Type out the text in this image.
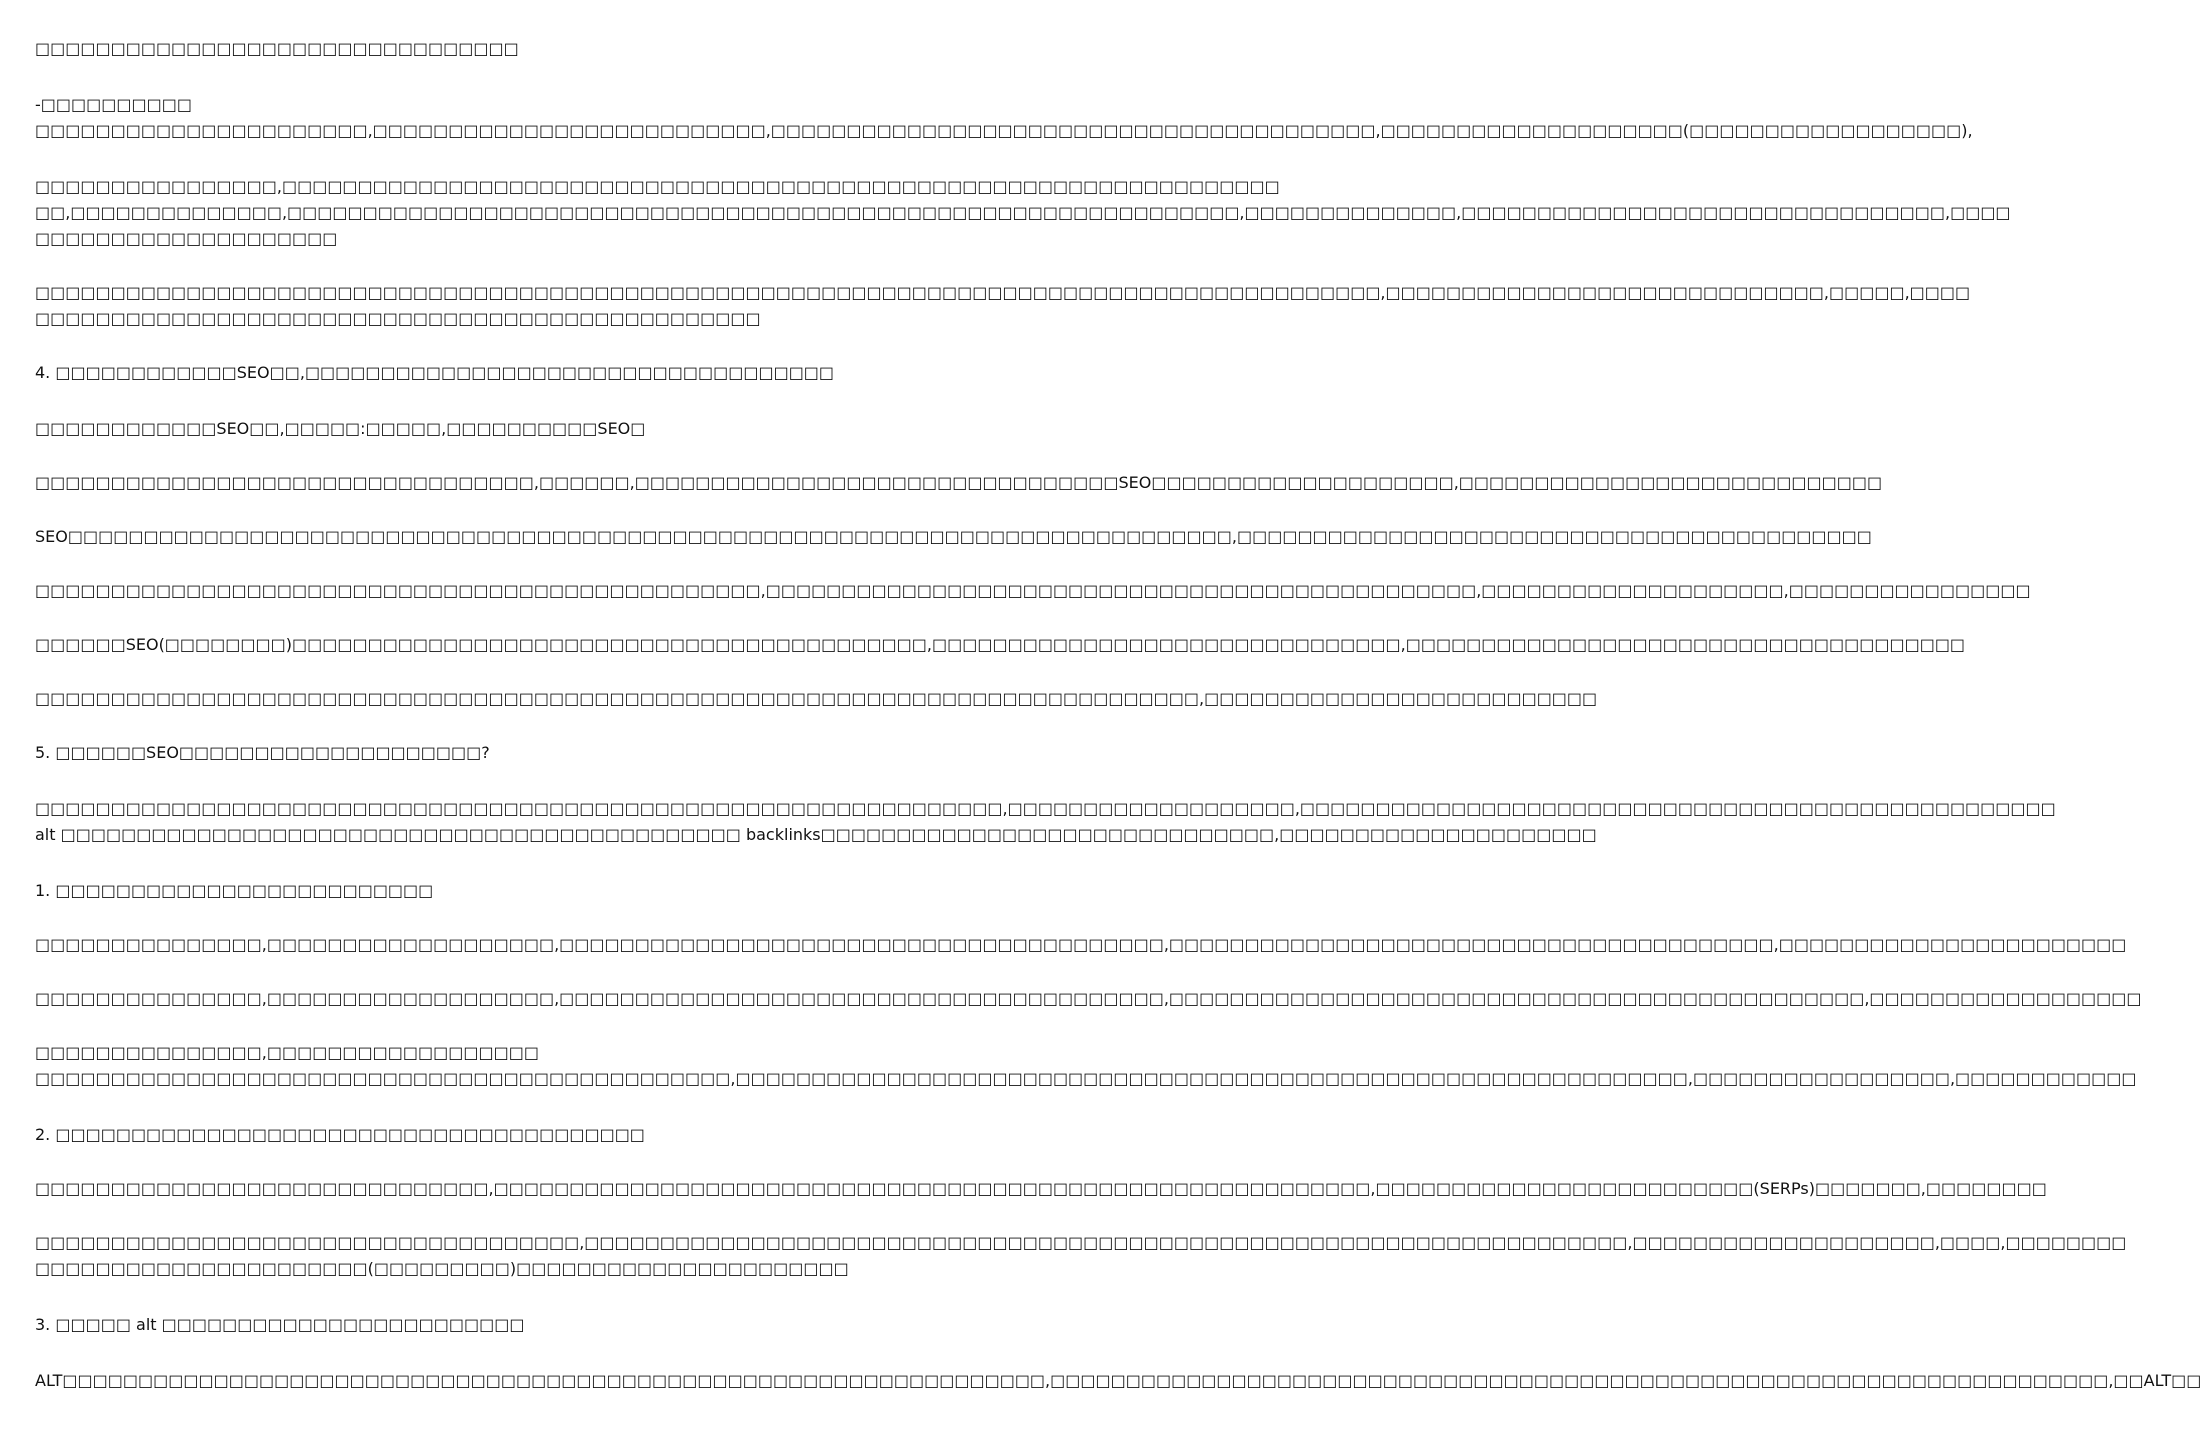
□□□□□□□□□□□□□□□□□□□□□□□□□□□□□□□□
-□□□□□□□□□□
□□□□□□□□□□□□□□□□□□□□□□,□□□□□□□□□□□□□□□□□□□□□□□□□□,□□□□□□□□□□□□□□□□□□□□□□□□□□□□□□□□□□□□□□□□,□□□□□□□□□□□□□□□□□□□□(□□□□□□□□□□□□□□□□□□),
□□□□□□□□□□□□□□□□,□□□□□□□□□□□□□□□□□□□□□□□□□□□□□□□□□□□□□□□□□□□□□□□□□□□□□□□□□□□□□□□□□□
□□,□□□□□□□□□□□□□□,□□□□□□□□□□□□□□□□□□□□□□□□□□□□□□□□□□□□□□□□□□□□□□□□□□□□□□□□□□□□□□□,□□□□□□□□□□□□□□,□□□□□□□□□□□□□□□□□□□□□□□□□□□□□□□□,□□□□
□□□□□□□□□□□□□□□□□□□□
□□□□□□□□□□□□□□□□□□□□□□□□□□□□□□□□□□□□□□□□□□□□□□□□□□□□□□□□□□□□□□□□□□□□□□□□□□□□□□□□□□□□□□□□□,□□□□□□□□□□□□□□□□□□□□□□□□□□□□□,□□□□□,□□□□
□□□□□□□□□□□□□□□□□□□□□□□□□□□□□□□□□□□□□□□□□□□□□□□□
4. □□□□□□□□□□□□SEO□□,□□□□□□□□□□□□□□□□□□□□□□□□□□□□□□□□□□□
□□□□□□□□□□□□SEO□□,□□□□□:□□□□□,□□□□□□□□□□SEO□
□□□□□□□□□□□□□□□□□□□□□□□□□□□□□□□□□,□□□□□□,□□□□□□□□□□□□□□□□□□□□□□□□□□□□□□□□SEO□□□□□□□□□□□□□□□□□□□□,□□□□□□□□□□□□□□□□□□□□□□□□□□□□
SEO□□□□□□□□□□□□□□□□□□□□□□□□□□□□□□□□□□□□□□□□□□□□□□□□□□□□□□□□□□□□□□□□□□□□□□□□□□□□□,□□□□□□□□□□□□□□□□□□□□□□□□□□□□□□□□□□□□□□□□□□
□□□□□□□□□□□□□□□□□□□□□□□□□□□□□□□□□□□□□□□□□□□□□□□□,□□□□□□□□□□□□□□□□□□□□□□□□□□□□□□□□□□□□□□□□□□□□□□□,□□□□□□□□□□□□□□□□□□□□,□□□□□□□□□□□□□□□□
□□□□□□SEO(□□□□□□□□)□□□□□□□□□□□□□□□□□□□□□□□□□□□□□□□□□□□□□□□□□□,□□□□□□□□□□□□□□□□□□□□□□□□□□□□□□□,□□□□□□□□□□□□□□□□□□□□□□□□□□□□□□□□□□□□□
□□□□□□□□□□□□□□□□□□□□□□□□□□□□□□□□□□□□□□□□□□□□□□□□□□□□□□□□□□□□□□□□□□□□□□□□□□□□□,□□□□□□□□□□□□□□□□□□□□□□□□□□
5. □□□□□□SEO□□□□□□□□□□□□□□□□□□□□?
□□□□□□□□□□□□□□□□□□□□□□□□□□□□□□□□□□□□□□□□□□□□□□□□□□□□□□□□□□□□□□□□,□□□□□□□□□□□□□□□□□□□,□□□□□□□□□□□□□□□□□□□□□□□□□□□□□□□□□□□□□□□□□□□□□□□□□□
alt □□□□□□□□□□□□□□□□□□□□□□□□□□□□□□□□□□□□□□□□□□□□□ backlinks□□□□□□□□□□□□□□□□□□□□□□□□□□□□□□,□□□□□□□□□□□□□□□□□□□□□
1. □□□□□□□□□□□□□□□□□□□□□□□□□
□□□□□□□□□□□□□□□,□□□□□□□□□□□□□□□□□□□,□□□□□□□□□□□□□□□□□□□□□□□□□□□□□□□□□□□□□□□□,□□□□□□□□□□□□□□□□□□□□□□□□□□□□□□□□□□□□□□□□,□□□□□□□□□□□□□□□□□□□□□□□
□□□□□□□□□□□□□□□,□□□□□□□□□□□□□□□□□□□,□□□□□□□□□□□□□□□□□□□□□□□□□□□□□□□□□□□□□□□□,□□□□□□□□□□□□□□□□□□□□□□□□□□□□□□□□□□□□□□□□□□□□□□,□□□□□□□□□□□□□□□□□□
□□□□□□□□□□□□□□□,□□□□□□□□□□□□□□□□□□
□□□□□□□□□□□□□□□□□□□□□□□□□□□□□□□□□□□□□□□□□□□□□□,□□□□□□□□□□□□□□□□□□□□□□□□□□□□□□□□□□□□□□□□□□□□□□□□□□□□□□□□□□□□□□□,□□□□□□□□□□□□□□□□□,□□□□□□□□□□□□
2. □□□□□□□□□□□□□□□□□□□□□□□□□□□□□□□□□□□□□□□
□□□□□□□□□□□□□□□□□□□□□□□□□□□□□□,□□□□□□□□□□□□□□□□□□□□□□□□□□□□□□□□□□□□□□□□□□□□□□□□□□□□□□□□□□,□□□□□□□□□□□□□□□□□□□□□□□□□(SERPs)□□□□□□□,□□□□□□□□
□□□□□□□□□□□□□□□□□□□□□□□□□□□□□□□□□□□□,□□□□□□□□□□□□□□□□□□□□□□□□□□□□□□□□□□□□□□□□□□□□□□□□□□□□□□□□□□□□□□□□□□□□□,□□□□□□□□□□□□□□□□□□□□,□□□□,□□□□□□□□
□□□□□□□□□□□□□□□□□□□□□□(□□□□□□□□□)□□□□□□□□□□□□□□□□□□□□□□
3. □□□□□ alt □□□□□□□□□□□□□□□□□□□□□□□□
ALT□□□□□□□□□□□□□□□□□□□□□□□□□□□□□□□□□□□□□□□□□□□□□□□□□□□□□□□□□□□□□□□□□,□□□□□□□□□□□□□□□□□□□□□□□□□□□□□□□□□□□□□□□□□□□□□□□□□□□□□□□□□□□□□□□□□□□□□□,□□ALT□□
